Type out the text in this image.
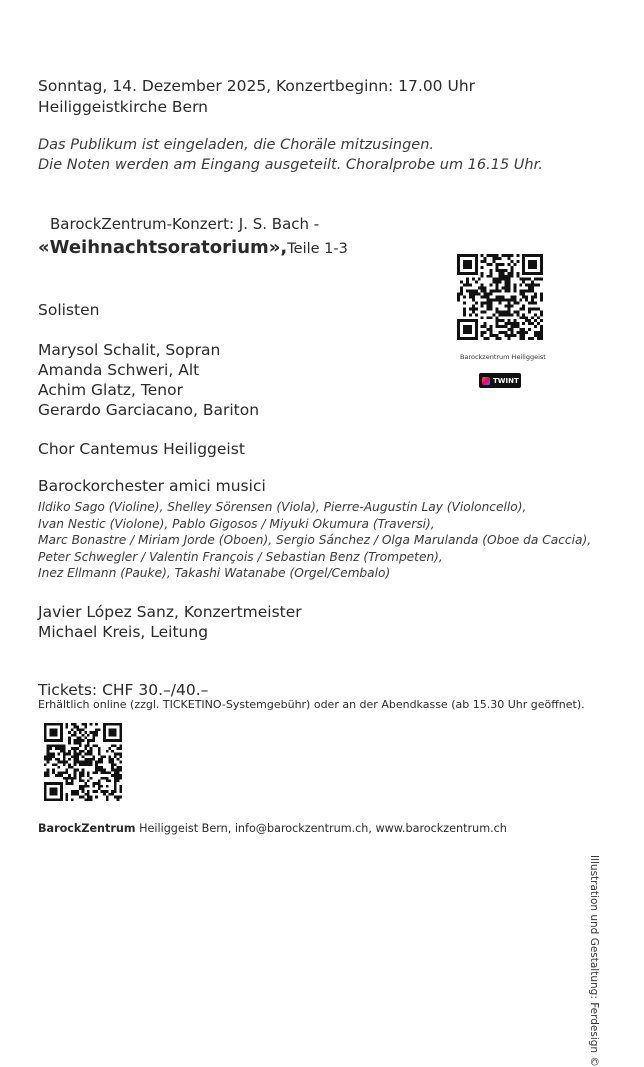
Sonntag, 14. Dezember 2025, Konzertbeginn: 17.00 Uhr
Heiliggeistkirche Bern
Das Publikum ist eingeladen, die Choräle mitzusingen.
Die Noten werden am Eingang ausgeteilt. Choralprobe um 16.15 Uhr.
BarockZentrum-Konzert: J. S. Bach -
«Weihnachtsoratorium»,Teile 1-3
Solisten
Marysol Schalit, Sopran
Amanda Schweri, Alt
Achim Glatz, Tenor
Gerardo Garciacano, Bariton
Chor Cantemus Heiliggeist
Barockorchester amici musici
Ildiko Sago (Violine), Shelley Sörensen (Viola), Pierre-Augustin Lay (Violoncello),
Ivan Nestic (Violone), Pablo Gigosos / Miyuki Okumura (Traversi),
Marc Bonastre / Miriam Jorde (Oboen), Sergio Sánchez / Olga Marulanda (Oboe da Caccia),
Peter Schwegler / Valentin François / Sebastian Benz (Trompeten),
Inez Ellmann (Pauke), Takashi Watanabe (Orgel/Cembalo)
Javier López Sanz, Konzertmeister
Michael Kreis, Leitung
Tickets: CHF 30.–/40.–
Erhältlich online (zzgl. TICKETINO-Systemgebühr) oder an der Abendkasse (ab 15.30 Uhr geöffnet).
Barockzentrum Heiliggeist
TWINT
BarockZentrum Heiliggeist Bern, info@barockzentrum.ch, www.barockzentrum.ch
Illustration und Gestaltung: Ferdesign ©
